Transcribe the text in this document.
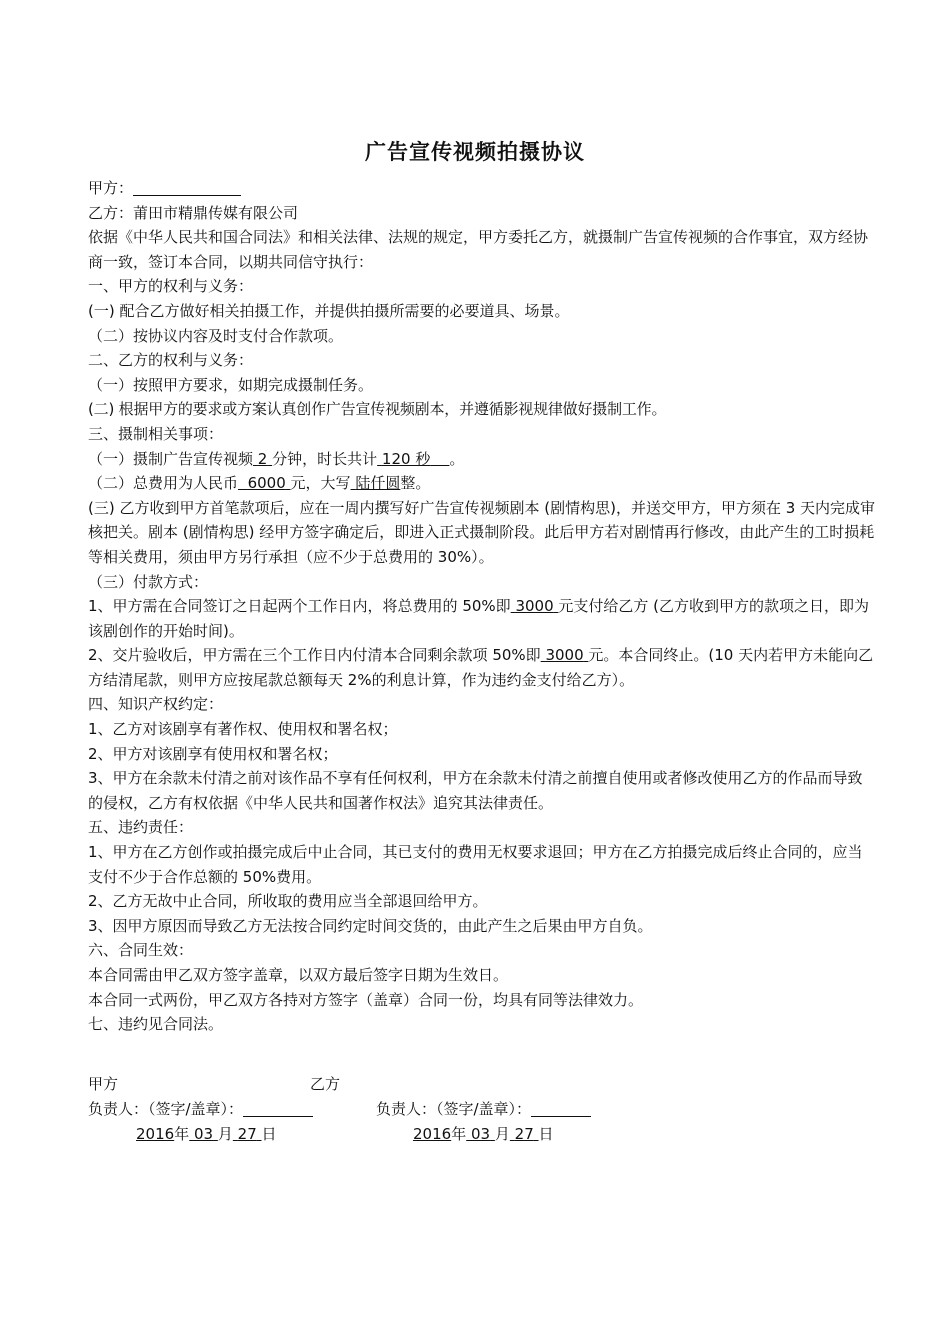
广告宣传视频拍摄协议
甲方：
乙方：莆田市精鼎传媒有限公司
依据《中华人民共和国合同法》和相关法律、法规的规定，甲方委托乙方，就摄制广告宣传视频的合作事宜，双方经协商一致，签订本合同，以期共同信守执行：
一、甲方的权利与义务：
(一) 配合乙方做好相关拍摄工作，并提供拍摄所需要的必要道具、场景。
（二）按协议内容及时支付合作款项。
二、乙方的权利与义务：
（一）按照甲方要求，如期完成摄制任务。
(二) 根据甲方的要求或方案认真创作广告宣传视频剧本，并遵循影视规律做好摄制工作。
三、摄制相关事项：
（一）摄制广告宣传视频 2 分钟，时长共计 120 秒 。
（二）总费用为人民币 6000 元，大写 陆仟圆整。
(三) 乙方收到甲方首笔款项后，应在一周内撰写好广告宣传视频剧本 (剧情构思)，并送交甲方，甲方须在 3 天内完成审核把关。剧本 (剧情构思) 经甲方签字确定后，即进入正式摄制阶段。此后甲方若对剧情再行修改，由此产生的工时损耗等相关费用，须由甲方另行承担（应不少于总费用的 30%）。
（三）付款方式：
1、甲方需在合同签订之日起两个工作日内，将总费用的 50%即 3000 元支付给乙方 (乙方收到甲方的款项之日，即为该剧创作的开始时间)。
2、交片验收后，甲方需在三个工作日内付清本合同剩余款项 50%即 3000 元。本合同终止。(10 天内若甲方未能向乙方结清尾款，则甲方应按尾款总额每天 2%的利息计算，作为违约金支付给乙方）。
四、知识产权约定：
1、乙方对该剧享有著作权、使用权和署名权；
2、甲方对该剧享有使用权和署名权；
3、甲方在余款未付清之前对该作品不享有任何权利，甲方在余款未付清之前擅自使用或者修改使用乙方的作品而导致的侵权，乙方有权依据《中华人民共和国著作权法》追究其法律责任。
五、违约责任：
1、甲方在乙方创作或拍摄完成后中止合同，其已支付的费用无权要求退回；甲方在乙方拍摄完成后终止合同的，应当支付不少于合作总额的 50%费用。
2、乙方无故中止合同，所收取的费用应当全部退回给甲方。
3、因甲方原因而导致乙方无法按合同约定时间交货的，由此产生之后果由甲方自负。
六、合同生效：
本合同需由甲乙双方签字盖章，以双方最后签字日期为生效日。
本合同一式两份，甲乙双方各持对方签字（盖章）合同一份，均具有同等法律效力。
七、违约见合同法。
甲方	乙方
负责人：（签字/盖章）：	负责人：（签字/盖章）：
2016年 03 月 27 日	2016年 03 月 27 日
